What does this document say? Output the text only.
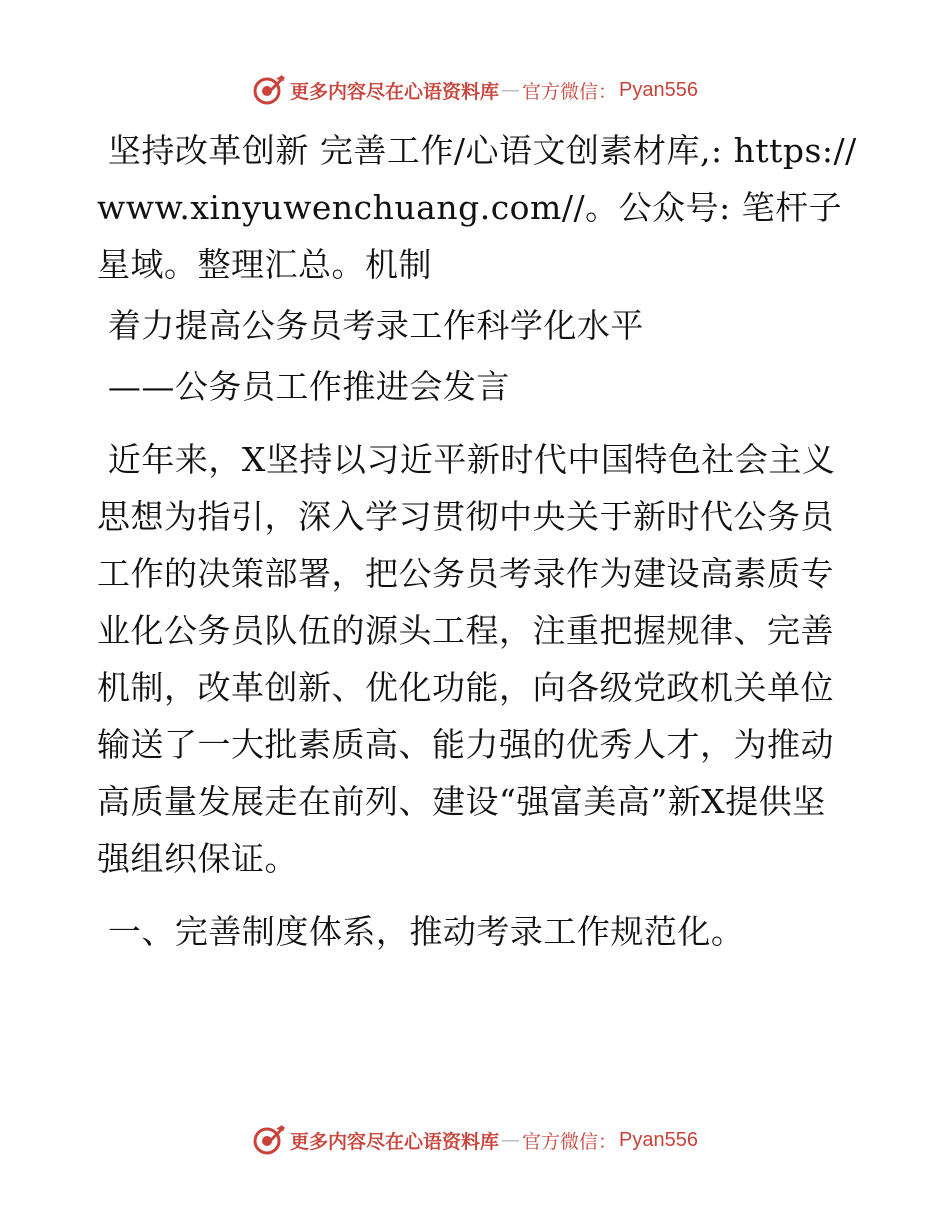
更多内容尽在心语资料库 — 官方微信： Pyan556

坚持改革创新 完善工作/心语文创素材库,: https://www.xinyuwenchuang.com//。公众号: 笔杆子星域。整理汇总。机制

着力提高公务员考录工作科学化水平

——公务员工作推进会发言

近年来，X坚持以习近平新时代中国特色社会主义思想为指引，深入学习贯彻中央关于新时代公务员工作的决策部署，把公务员考录作为建设高素质专业化公务员队伍的源头工程，注重把握规律、完善机制，改革创新、优化功能，向各级党政机关单位输送了一大批素质高、能力强的优秀人才，为推动高质量发展走在前列、建设“强富美高”新X提供坚强组织保证。

一、完善制度体系，推动考录工作规范化。

更多内容尽在心语资料库 — 官方微信： Pyan556
